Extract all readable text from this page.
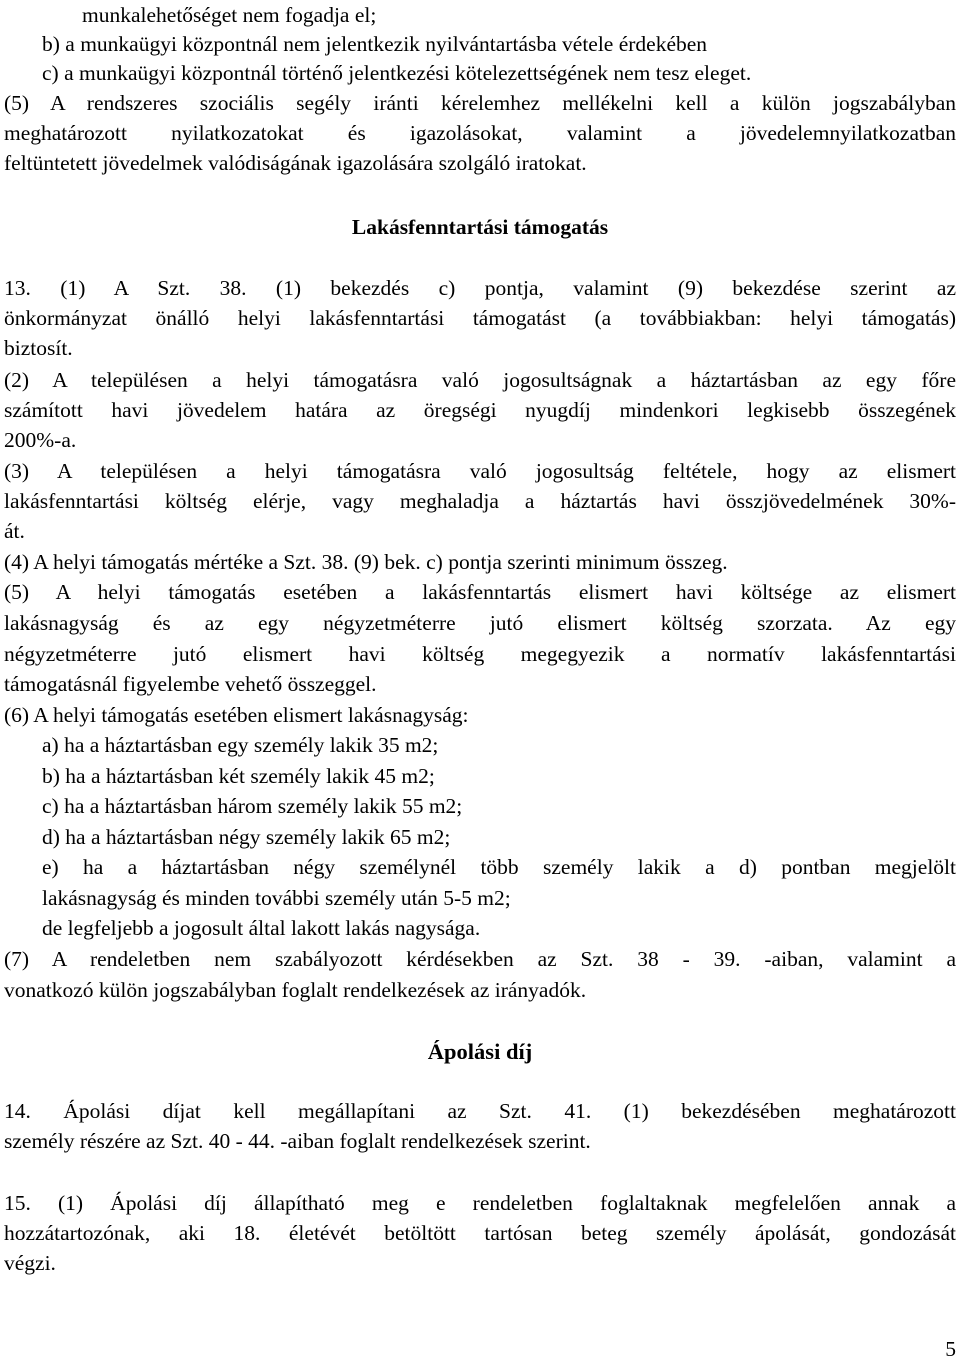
munkalehetőséget nem fogadja el;
b) a munkaügyi központnál nem jelentkezik nyilvántartásba vétele érdekében
c) a munkaügyi központnál történő jelentkezési kötelezettségének nem tesz eleget.
(5) A rendszeres szociális segély iránti kérelemhez mellékelni kell a külön jogszabályban
meghatározott nyilatkozatokat és igazolásokat, valamint a jövedelemnyilatkozatban
feltüntetett jövedelmek valódiságának igazolására szolgáló iratokat.
Lakásfenntartási támogatás
13. (1) A Szt. 38. (1) bekezdés c) pontja, valamint (9) bekezdése szerint az
önkormányzat önálló helyi lakásfenntartási támogatást (a továbbiakban: helyi támogatás)
biztosít.
(2) A településen a helyi támogatásra való jogosultságnak a háztartásban az egy főre
számított havi jövedelem határa az öregségi nyugdíj mindenkori legkisebb összegének
200%-a.
(3) A településen a helyi támogatásra való jogosultság feltétele, hogy az elismert
lakásfenntartási költség elérje, vagy meghaladja a háztartás havi összjövedelmének 30%-
át.
(4) A helyi támogatás mértéke a Szt. 38. (9) bek. c) pontja szerinti minimum összeg.
(5) A helyi támogatás esetében a lakásfenntartás elismert havi költsége az elismert
lakásnagyság és az egy négyzetméterre jutó elismert költség szorzata. Az egy
négyzetméterre jutó elismert havi költség megegyezik a normatív lakásfenntartási
támogatásnál figyelembe vehető összeggel.
(6) A helyi támogatás esetében elismert lakásnagyság:
a) ha a háztartásban egy személy lakik 35 m2;
b) ha a háztartásban két személy lakik 45 m2;
c) ha a háztartásban három személy lakik 55 m2;
d) ha a háztartásban négy személy lakik 65 m2;
e) ha a háztartásban négy személynél több személy lakik a d) pontban megjelölt
lakásnagyság és minden további személy után 5-5 m2;
de legfeljebb a jogosult által lakott lakás nagysága.
(7) A rendeletben nem szabályozott kérdésekben az Szt. 38 - 39. -aiban, valamint a
vonatkozó külön jogszabályban foglalt rendelkezések az irányadók.
Ápolási díj
14. Ápolási díjat kell megállapítani az Szt. 41. (1) bekezdésében meghatározott
személy részére az Szt. 40 - 44. -aiban foglalt rendelkezések szerint.
15. (1) Ápolási díj állapítható meg e rendeletben foglaltaknak megfelelően annak a
hozzátartozónak, aki 18. életévét betöltött tartósan beteg személy ápolását, gondozását
végzi.
5
